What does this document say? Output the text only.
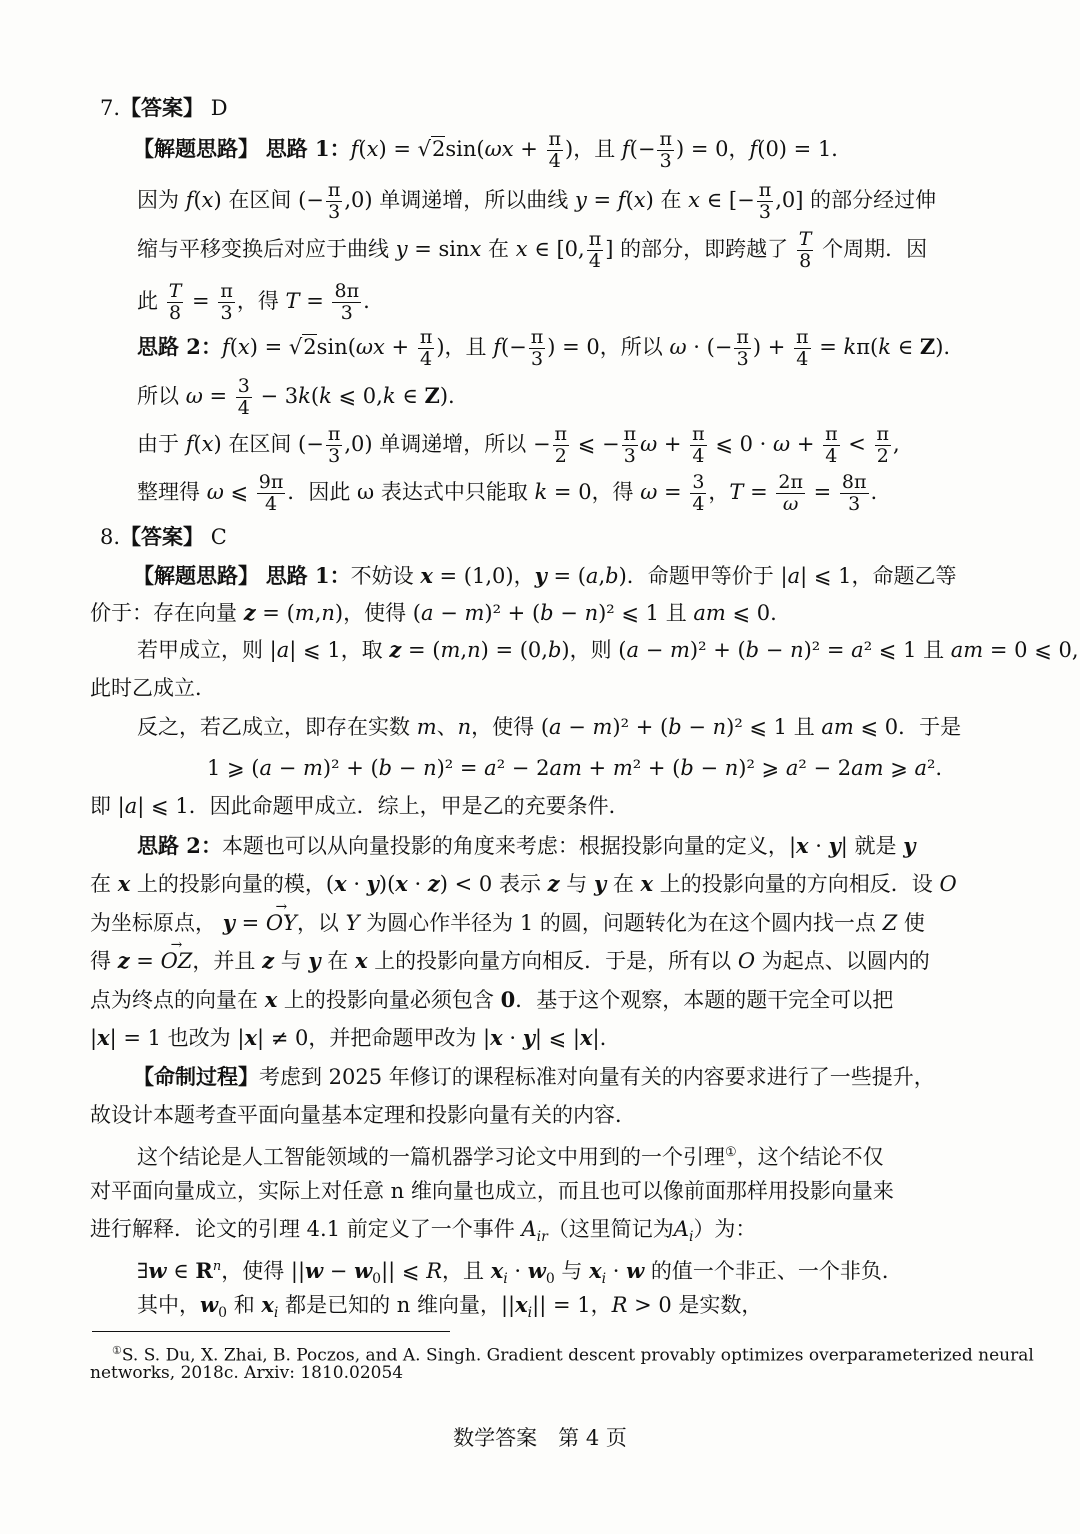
7.【答案】 D
【解题思路】 思路 1：$f(x) = √2\sin(\omega x + \frac{\pi}{4}$ )，且 $f(- \frac{\pi}{3}$ ) = 0，f(0) = 1．
因为 f(x) 在区间 (− $\frac{\pi}{3} ,0$) 单调递增，所以曲线 y = f(x) 在 x ∈ [− $\frac{\pi}{3} ,0$] 的部分经过伸
缩与平移变换后对应于曲线 y = sinx 在 x ∈ [0, $\frac{\pi}{4}$ ] 的部分，即跨越了 $\frac{T}{8}$ 个周期．因
此 $\frac{T}{8} = \frac{\pi}{3}$ ，得 $T = \frac{8\pi}{3}$ .
思路 2：$f(x) = √2\sin(\omega x + \frac{\pi}{4}$ )，且 $f(- \frac{\pi}{3}$ ) = 0，所以 ω · (− $\frac{\pi}{3}$ ) + $\frac{\pi}{4} = k\pi(k$ ∈ Z).
所以 $\omega = \frac{3}{4} - 3k(k$ ⩽ 0,k ∈ Z).
由于 f(x) 在区间 (− $\frac{\pi}{3} ,0$) 单调递增，所以 − $\frac{\pi}{2}$ ⩽ − $\frac{\pi}{3}$ $\omega + \frac{\pi}{4}$ ⩽ $0 \cdot \omega + \frac{\pi}{4} < \frac{\pi}{2}$ ,
整理得 ω ⩽ $\frac{9\pi}{4}$ ．因此 ω 表达式中只能取 k = 0，得 $\omega = \frac{3}{4}$ ，$T = \frac{2\pi}{\omega} = \frac{8\pi}{3}$ .
8.【答案】 C
【解题思路】 思路 1：不妨设 x = (1,0)，y = (a,b)．命题甲等价于 |a| ⩽ 1，命题乙等
价于：存在向量 z = (m,n)，使得 (a − m)² + (b − n)² ⩽ 1 且 am ⩽ 0.
若甲成立，则 |a| ⩽ 1，取 z = (m,n) = (0,b)，则 (a − m)² + (b − n)² = a² ⩽ 1 且 am = 0 ⩽ 0,
此时乙成立．
反之，若乙成立，即存在实数 m、n，使得 (a − m)² + (b − n)² ⩽ 1 且 am ⩽ 0．于是
1 ⩾ (a − m)² + (b − n)² = a² − 2am + m² + (b − n)² ⩾ a² − 2am ⩾ a².
即 |a| ⩽ 1．因此命题甲成立．综上，甲是乙的充要条件．
思路 2：本题也可以从向量投影的角度来考虑：根据投影向量的定义，|x · y| 就是 y
在 x 上的投影向量的模，(x · y)(x · z) < 0 表示 z 与 y 在 x 上的投影向量的方向相反．设 O
为坐标原点， y = → OY，以 Y 为圆心作半径为 1 的圆，问题转化为在这个圆内找一点 Z 使
得 z = → OZ，并且 z 与 y 在 x 上的投影向量方向相反．于是，所有以 O 为起点、以圆内的
点为终点的向量在 x 上的投影向量必须包含 0．基于这个观察，本题的题干完全可以把
|x| = 1 也改为 |x| ≠ 0，并把命题甲改为 |x · y| ⩽ |x|.
【命制过程】考虑到 2025 年修订的课程标准对向量有关的内容要求进行了一些提升，
故设计本题考查平面向量基本定理和投影向量有关的内容．
这个结论是人工智能领域的一篇机器学习论文中用到的一个引理①，这个结论不仅
对平面向量成立，实际上对任意 n 维向量也成立，而且也可以像前面那样用投影向量来
进行解释．论文的引理 4.1 前定义了一个事件 $A_{ir}$（这里简记为$A_i$）为：
∃w ∈ $R^n$，使得 $||w - w_0||$ ⩽ R，且 $x_i \cdot w_0$ 与 $x_i \cdot w$ 的值一个非正、一个非负．
其中，$w_0$ 和 $x_i$ 都是已知的 n 维向量，$||x_i|| = 1$，R > 0 是实数，
①S. S. Du, X. Zhai, B. Poczos, and A. Singh. Gradient descent provably optimizes overparameterized neural
networks, 2018c. Arxiv: 1810.02054
数学答案　第 4 页
